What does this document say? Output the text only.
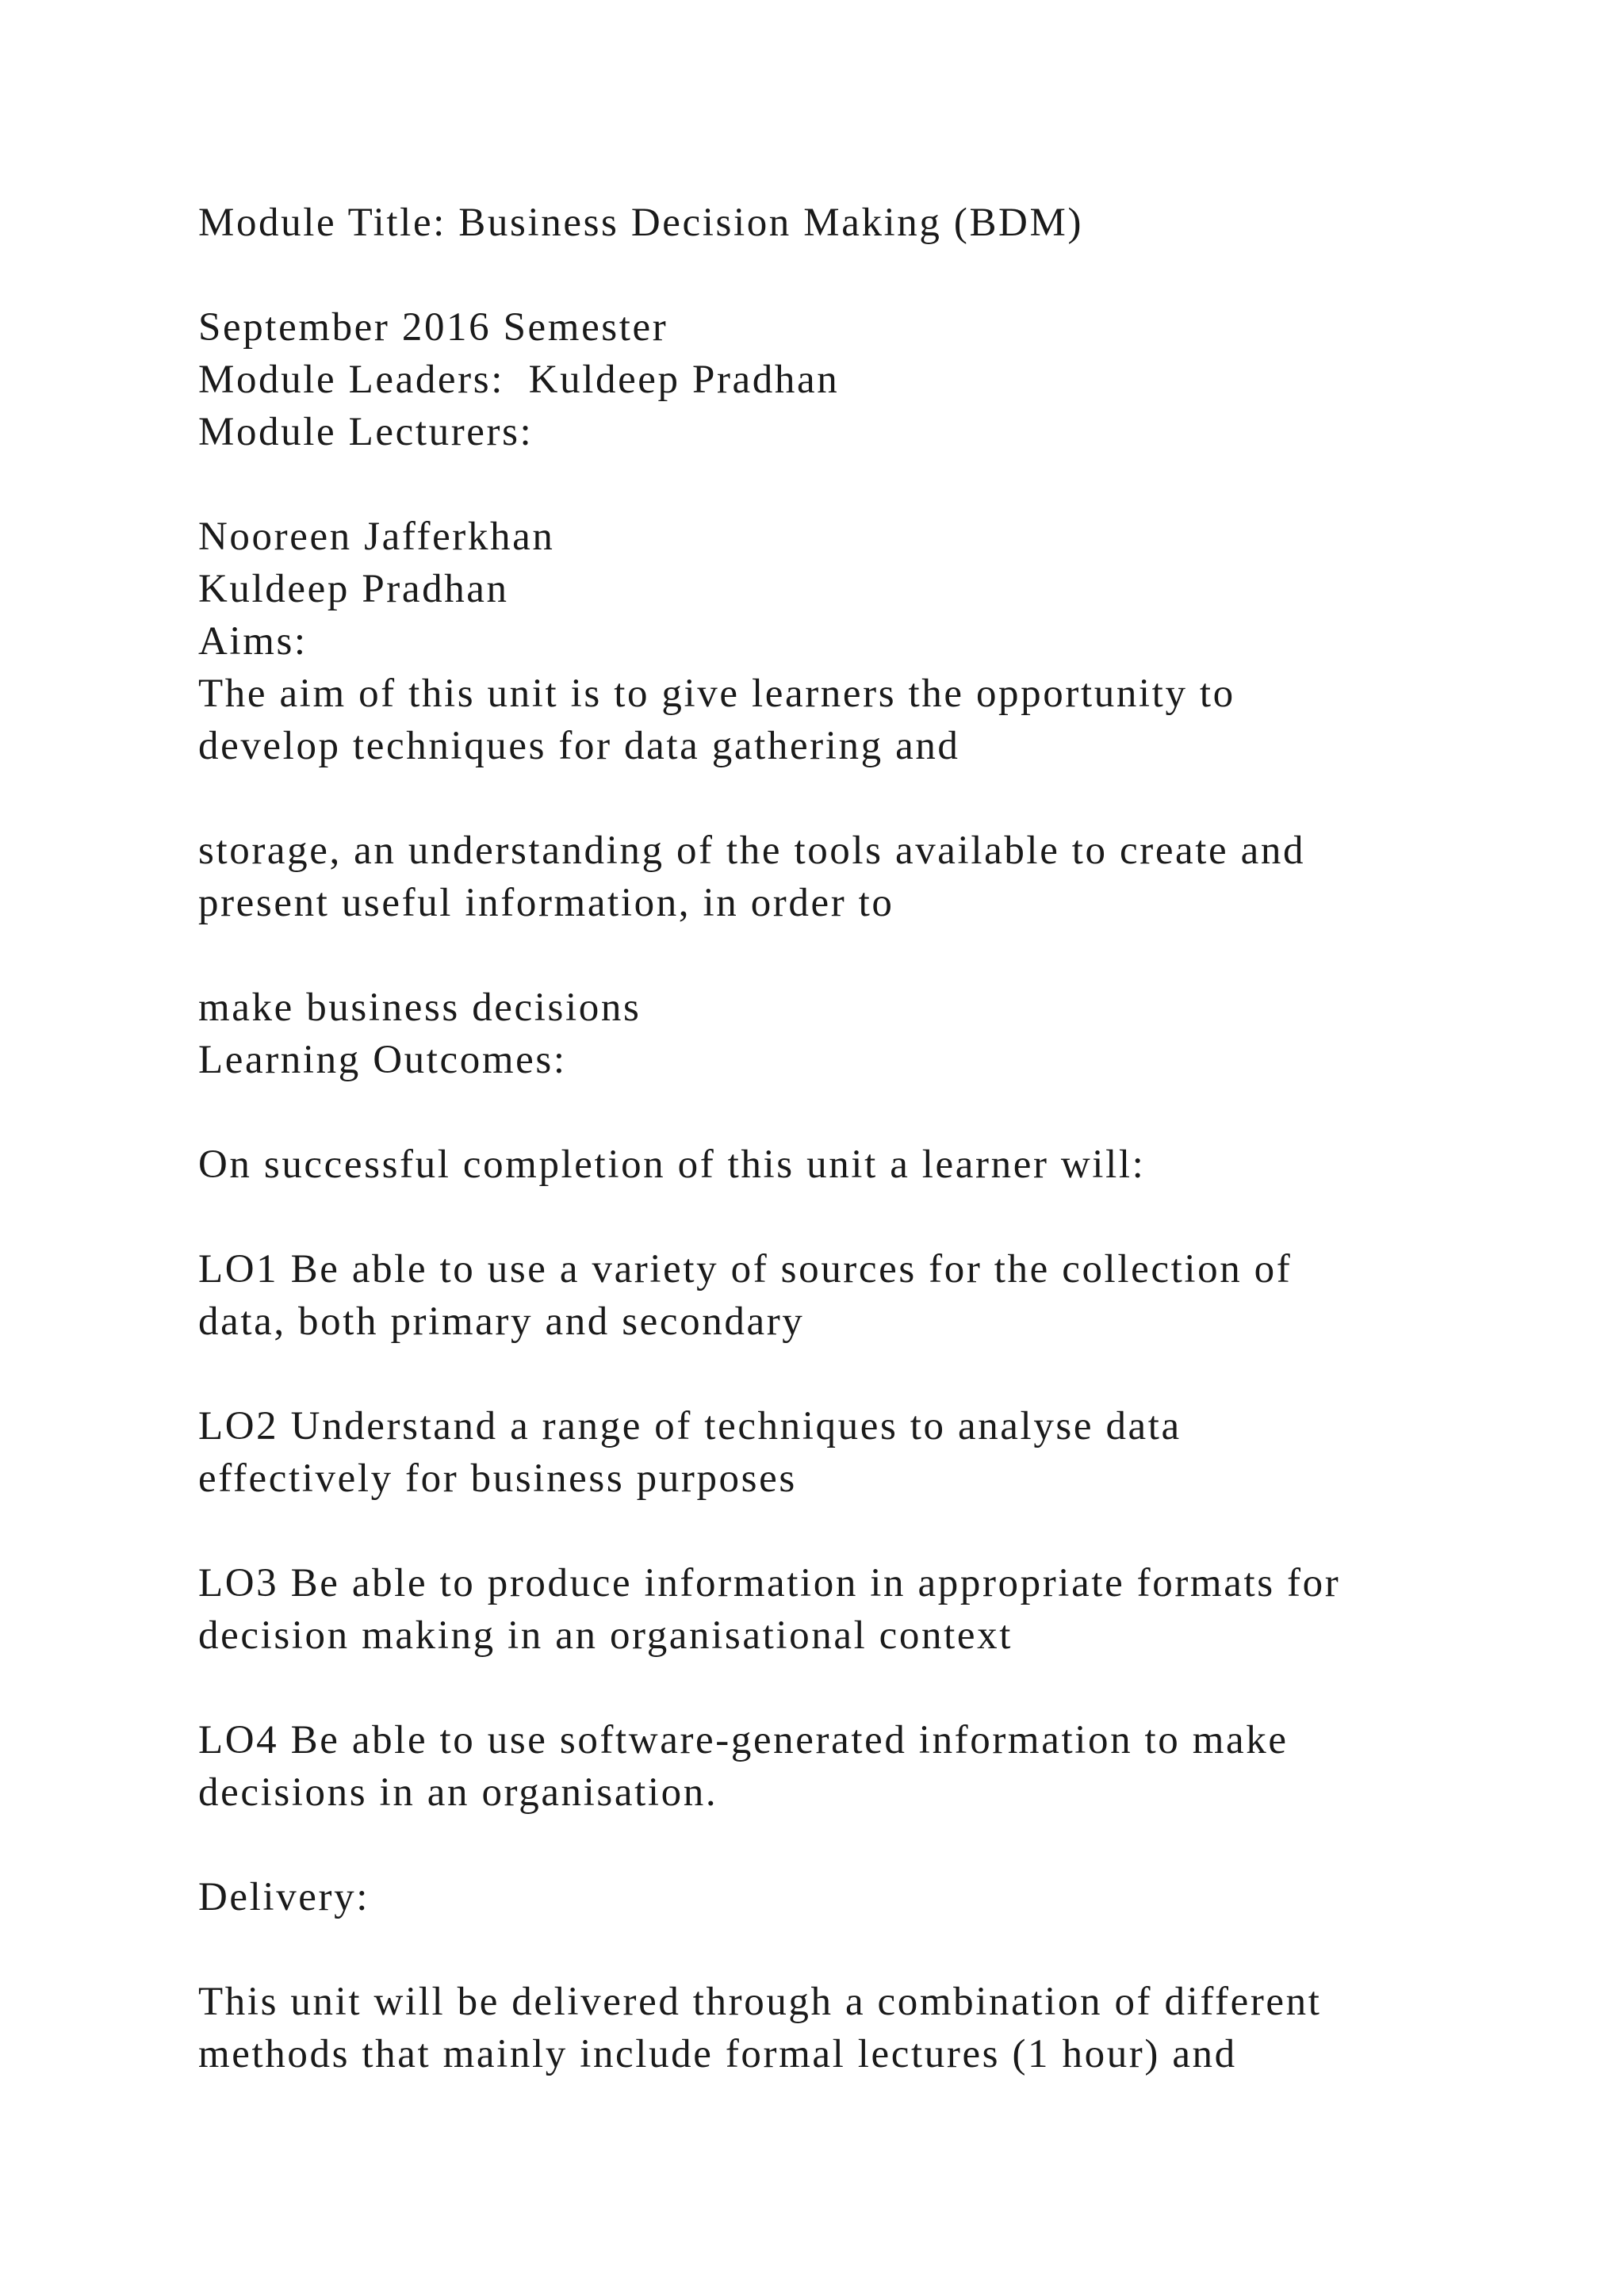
Module Title: Business Decision Making (BDM)
September 2016 Semester
Module Leaders:  Kuldeep Pradhan
Module Lecturers:
Nooreen Jafferkhan
Kuldeep Pradhan
Aims:
The aim of this unit is to give learners the opportunity to
develop techniques for data gathering and
storage, an understanding of the tools available to create and
present useful information, in order to
make business decisions
Learning Outcomes:
On successful completion of this unit a learner will:
LO1 Be able to use a variety of sources for the collection of
data, both primary and secondary
LO2 Understand a range of techniques to analyse data
effectively for business purposes
LO3 Be able to produce information in appropriate formats for
decision making in an organisational context
LO4 Be able to use software-generated information to make
decisions in an organisation.
Delivery:
This unit will be delivered through a combination of different
methods that mainly include formal lectures (1 hour) and
